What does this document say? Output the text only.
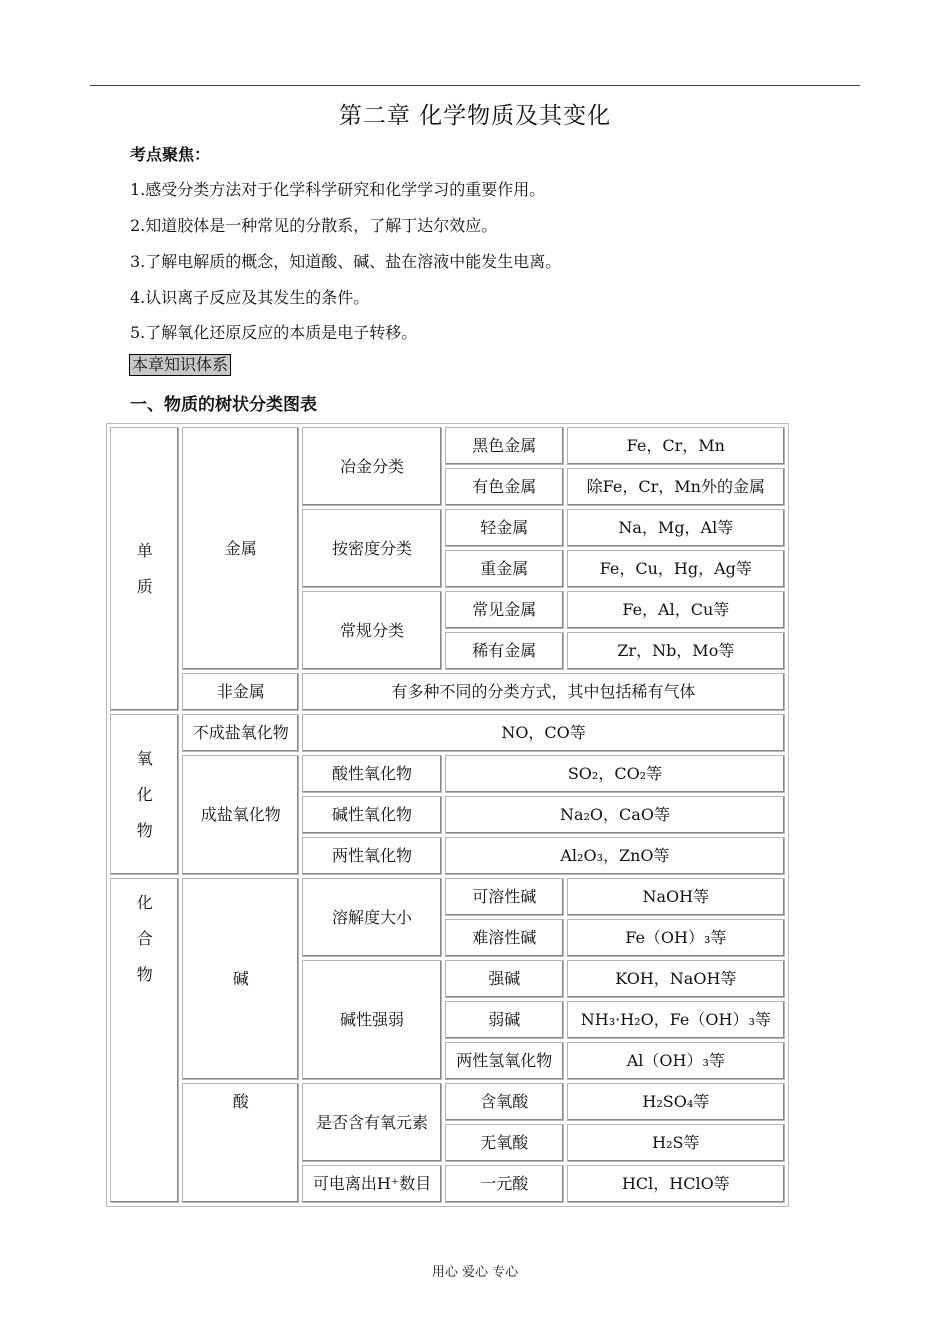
第二章 化学物质及其变化
考点聚焦：
1.感受分类方法对于化学科学研究和化学学习的重要作用。
2.知道胶体是一种常见的分散系，了解丁达尔效应。
3.了解电解质的概念，知道酸、碱、盐在溶液中能发生电离。
4.认识离子反应及其发生的条件。
5.了解氧化还原反应的本质是电子转移。
本章知识体系
一、物质的树状分类图表
单质	金属	冶金分类	黑色金属	Fe，Cr，Mn
			有色金属	除Fe，Cr，Mn外的金属
		按密度分类	轻金属	Na，Mg，Al等
			重金属	Fe，Cu，Hg，Ag等
		常规分类	常见金属	Fe，Al，Cu等
			稀有金属	Zr，Nb，Mo等
	非金属	有多种不同的分类方式，其中包括稀有气体		
氧化物	不成盐氧化物	NO，CO等		
	成盐氧化物	酸性氧化物	SO₂，CO₂等	
		碱性氧化物	Na₂O，CaO等	
		两性氧化物	Al₂O₃，ZnO等	
化合物	碱	溶解度大小	可溶性碱	NaOH等
			难溶性碱	Fe（OH）₃等
		碱性强弱	强碱	KOH，NaOH等
			弱碱	NH₃·H₂O，Fe（OH）₃等
			两性氢氧化物	Al（OH）₃等
	酸	是否含有氧元素	含氧酸	H₂SO₄等
			无氧酸	H₂S等
		可电离出H⁺数目	一元酸	HCl，HClO等
用心 爱心 专心
